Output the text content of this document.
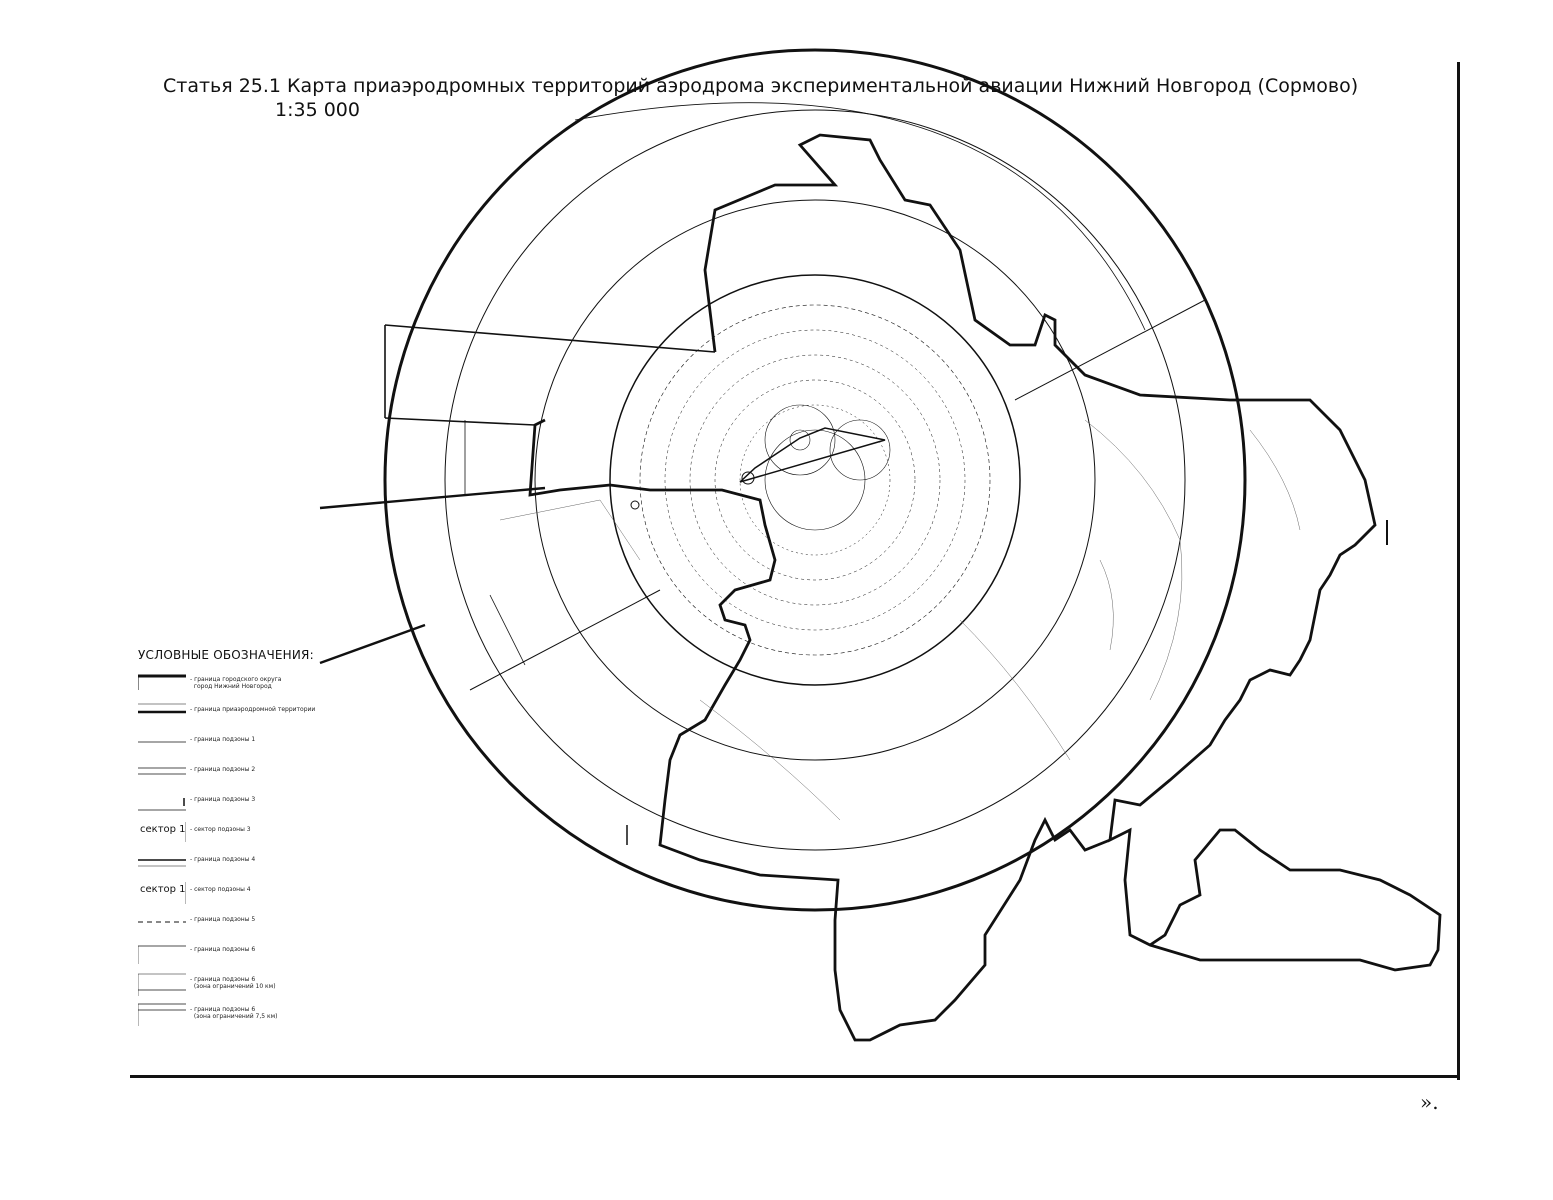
Статья 25.1 Карта приаэродромных территорий аэродрома экспериментальной авиации Нижний Новгород (Сормово)
1:35 000
УСЛОВНЫЕ ОБОЗНАЧЕНИЯ:
- граница городского округа
город Нижний Новгород
- граница приаэродромной территории
- граница подзоны 1
- граница подзоны 2
- граница подзоны 3
сектор 1 - сектор подзоны 3
- граница подзоны 4
сектор 1 - сектор подзоны 4
- граница подзоны 5
- граница подзоны 6
- граница подзоны 6
(зона ограничений 10 км)
- граница подзоны 6
(зона ограничений 7,5 км)
».
